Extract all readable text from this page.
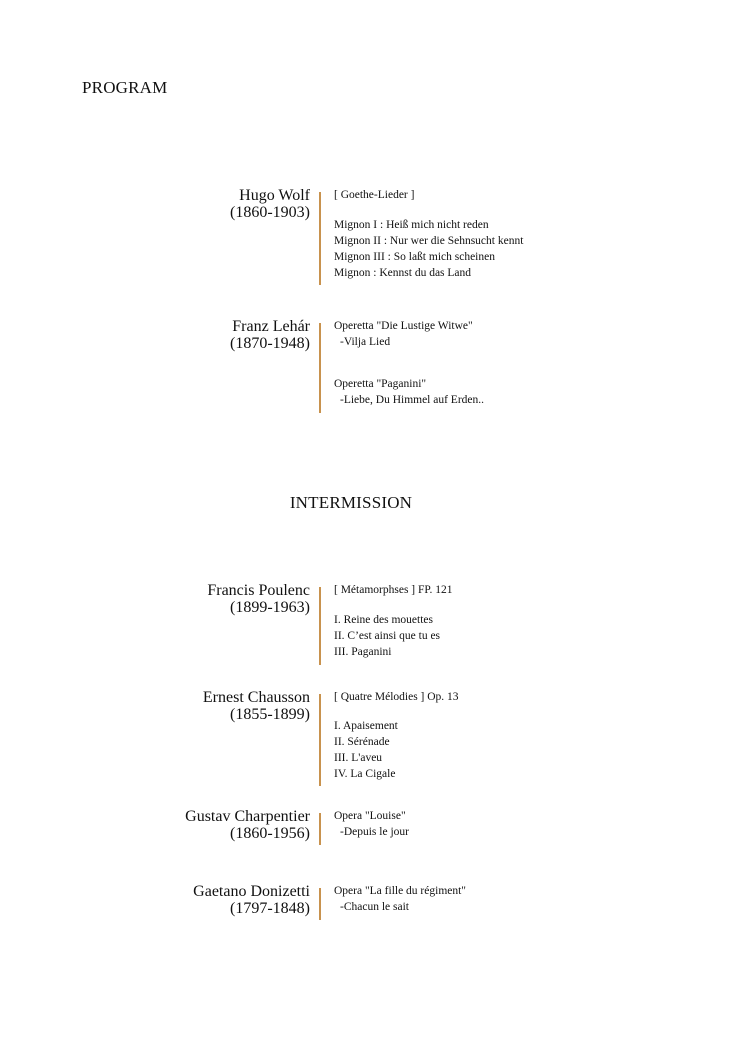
PROGRAM
Hugo Wolf
(1860-1903)
[ Goethe-Lieder ]
Mignon I : Heiß mich nicht reden
Mignon II : Nur wer die Sehnsucht kennt
Mignon III : So laßt mich scheinen
Mignon : Kennst du das Land
Franz Lehár
(1870-1948)
Operetta "Die Lustige Witwe"
-Vilja Lied
Operetta "Paganini"
-Liebe, Du Himmel auf Erden..
INTERMISSION
Francis Poulenc
(1899-1963)
[ Métamorphses ] FP. 121
I. Reine des mouettes
II. C’est ainsi que tu es
III. Paganini
Ernest Chausson
(1855-1899)
[ Quatre Mélodies ] Op. 13
I. Apaisement
II. Sérénade
III. L'aveu
IV. La Cigale
Gustav Charpentier
(1860-1956)
Opera "Louise"
-Depuis le jour
Gaetano Donizetti
(1797-1848)
Opera "La fille du régiment"
-Chacun le sait
